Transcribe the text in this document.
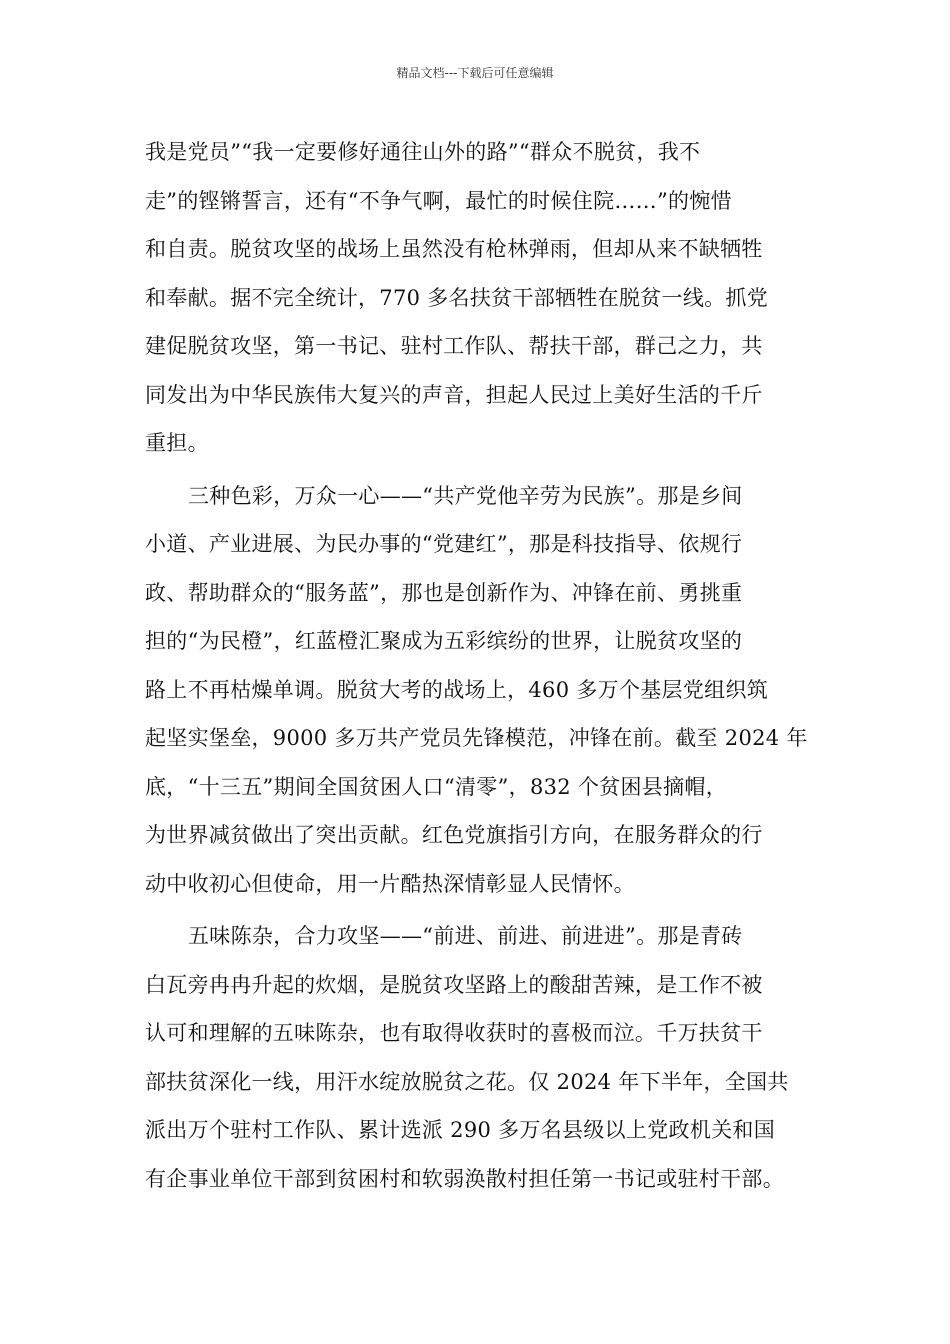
精品文档---下载后可任意编辑
我是党员”“我一定要修好通往山外的路”“群众不脱贫，我不
走”的铿锵誓言，还有“不争气啊，最忙的时候住院……”的惋惜
和自责。脱贫攻坚的战场上虽然没有枪林弹雨，但却从来不缺牺牲
和奉献。据不完全统计，770 多名扶贫干部牺牲在脱贫一线。抓党
建促脱贫攻坚，第一书记、驻村工作队、帮扶干部，群己之力，共
同发出为中华民族伟大复兴的声音，担起人民过上美好生活的千斤
重担。
三种色彩，万众一心——“共产党他辛劳为民族”。那是乡间
小道、产业进展、为民办事的“党建红”，那是科技指导、依规行
政、帮助群众的“服务蓝”，那也是创新作为、冲锋在前、勇挑重
担的“为民橙”，红蓝橙汇聚成为五彩缤纷的世界，让脱贫攻坚的
路上不再枯燥单调。脱贫大考的战场上，460 多万个基层党组织筑
起坚实堡垒，9000 多万共产党员先锋模范，冲锋在前。截至 2024 年
底，“十三五”期间全国贫困人口“清零”，832 个贫困县摘帽，
为世界减贫做出了突出贡献。红色党旗指引方向，在服务群众的行
动中收初心但使命，用一片酷热深情彰显人民情怀。
五味陈杂，合力攻坚——“前进、前进、前进进”。那是青砖
白瓦旁冉冉升起的炊烟，是脱贫攻坚路上的酸甜苦辣，是工作不被
认可和理解的五味陈杂，也有取得收获时的喜极而泣。千万扶贫干
部扶贫深化一线，用汗水绽放脱贫之花。仅 2024 年下半年，全国共
派出万个驻村工作队、累计选派 290 多万名县级以上党政机关和国
有企事业单位干部到贫困村和软弱涣散村担任第一书记或驻村干部。
